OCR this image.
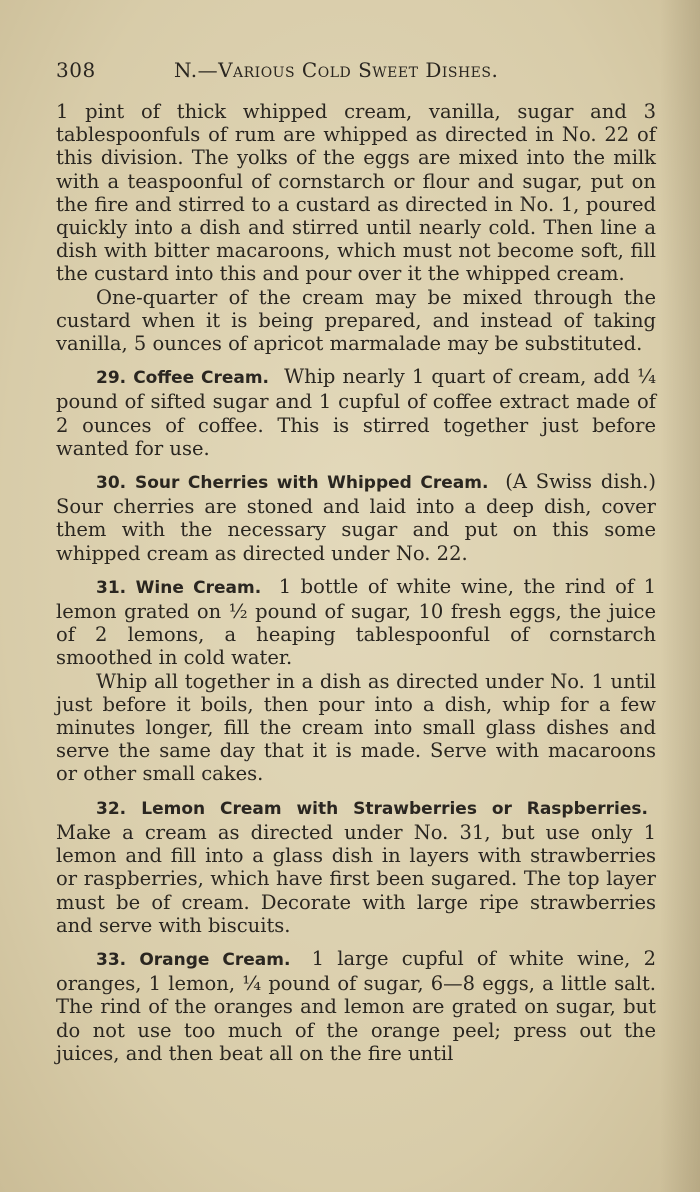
308	N.—Various Cold Sweet Dishes.

1 pint of thick whipped cream, vanilla, sugar and 3 tablespoonfuls of rum are whipped as directed in No. 22 of this division. The yolks of the eggs are mixed into the milk with a teaspoonful of cornstarch or flour and sugar, put on the fire and stirred to a custard as directed in No. 1, poured quickly into a dish and stirred until nearly cold. Then line a dish with bitter macaroons, which must not become soft, fill the custard into this and pour over it the whipped cream.

One-quarter of the cream may be mixed through the custard when it is being prepared, and instead of taking vanilla, 5 ounces of apricot marmalade may be substituted.

29. Coffee Cream. Whip nearly 1 quart of cream, add ¼ pound of sifted sugar and 1 cupful of coffee extract made of 2 ounces of coffee. This is stirred together just before wanted for use.

30. Sour Cherries with Whipped Cream. (A Swiss dish.) Sour cherries are stoned and laid into a deep dish, cover them with the necessary sugar and put on this some whipped cream as directed under No. 22.

31. Wine Cream. 1 bottle of white wine, the rind of 1 lemon grated on ½ pound of sugar, 10 fresh eggs, the juice of 2 lemons, a heaping tablespoonful of cornstarch smoothed in cold water.

Whip all together in a dish as directed under No. 1 until just before it boils, then pour into a dish, whip for a few minutes longer, fill the cream into small glass dishes and serve the same day that it is made. Serve with macaroons or other small cakes.

32. Lemon Cream with Strawberries or Raspberries. Make a cream as directed under No. 31, but use only 1 lemon and fill into a glass dish in layers with strawberries or raspberries, which have first been sugared. The top layer must be of cream. Decorate with large ripe strawberries and serve with biscuits.

33. Orange Cream. 1 large cupful of white wine, 2 oranges, 1 lemon, ¼ pound of sugar, 6—8 eggs, a little salt. The rind of the oranges and lemon are grated on sugar, but do not use too much of the orange peel; press out the juices, and then beat all on the fire until
